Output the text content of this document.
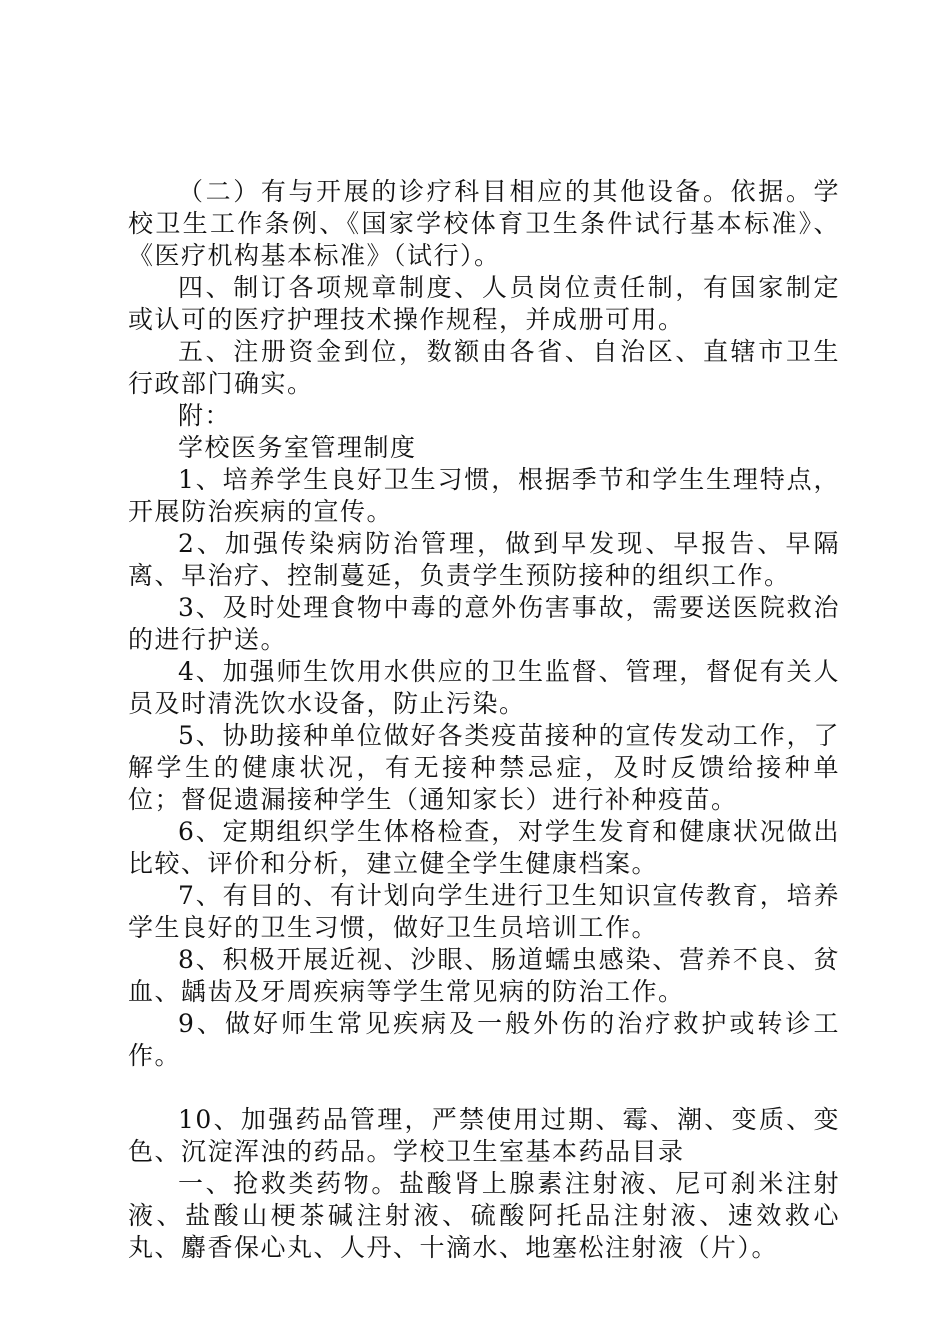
（二）有与开展的诊疗科目相应的其他设备。依据。学校卫生工作条例、《国家学校体育卫生条件试行基本标准》、《医疗机构基本标准》（试行）。

四、制订各项规章制度、人员岗位责任制，有国家制定或认可的医疗护理技术操作规程，并成册可用。

五、注册资金到位，数额由各省、自治区、直辖市卫生行政部门确实。

附：

学校医务室管理制度

1、培养学生良好卫生习惯，根据季节和学生生理特点，开展防治疾病的宣传。

2、加强传染病防治管理，做到早发现、早报告、早隔离、早治疗、控制蔓延，负责学生预防接种的组织工作。

3、及时处理食物中毒的意外伤害事故，需要送医院救治的进行护送。

4、加强师生饮用水供应的卫生监督、管理，督促有关人员及时清洗饮水设备，防止污染。

5、协助接种单位做好各类疫苗接种的宣传发动工作，了解学生的健康状况，有无接种禁忌症，及时反馈给接种单位；督促遗漏接种学生（通知家长）进行补种疫苗。

6、定期组织学生体格检查，对学生发育和健康状况做出比较、评价和分析，建立健全学生健康档案。

7、有目的、有计划向学生进行卫生知识宣传教育，培养学生良好的卫生习惯，做好卫生员培训工作。

8、积极开展近视、沙眼、肠道蠕虫感染、营养不良、贫血、龋齿及牙周疾病等学生常见病的防治工作。

9、做好师生常见疾病及一般外伤的治疗救护或转诊工作。

10、加强药品管理，严禁使用过期、霉、潮、变质、变色、沉淀浑浊的药品。学校卫生室基本药品目录

一、抢救类药物。盐酸肾上腺素注射液、尼可刹米注射液、盐酸山梗茶碱注射液、硫酸阿托品注射液、速效救心丸、麝香保心丸、人丹、十滴水、地塞松注射液（片）。
